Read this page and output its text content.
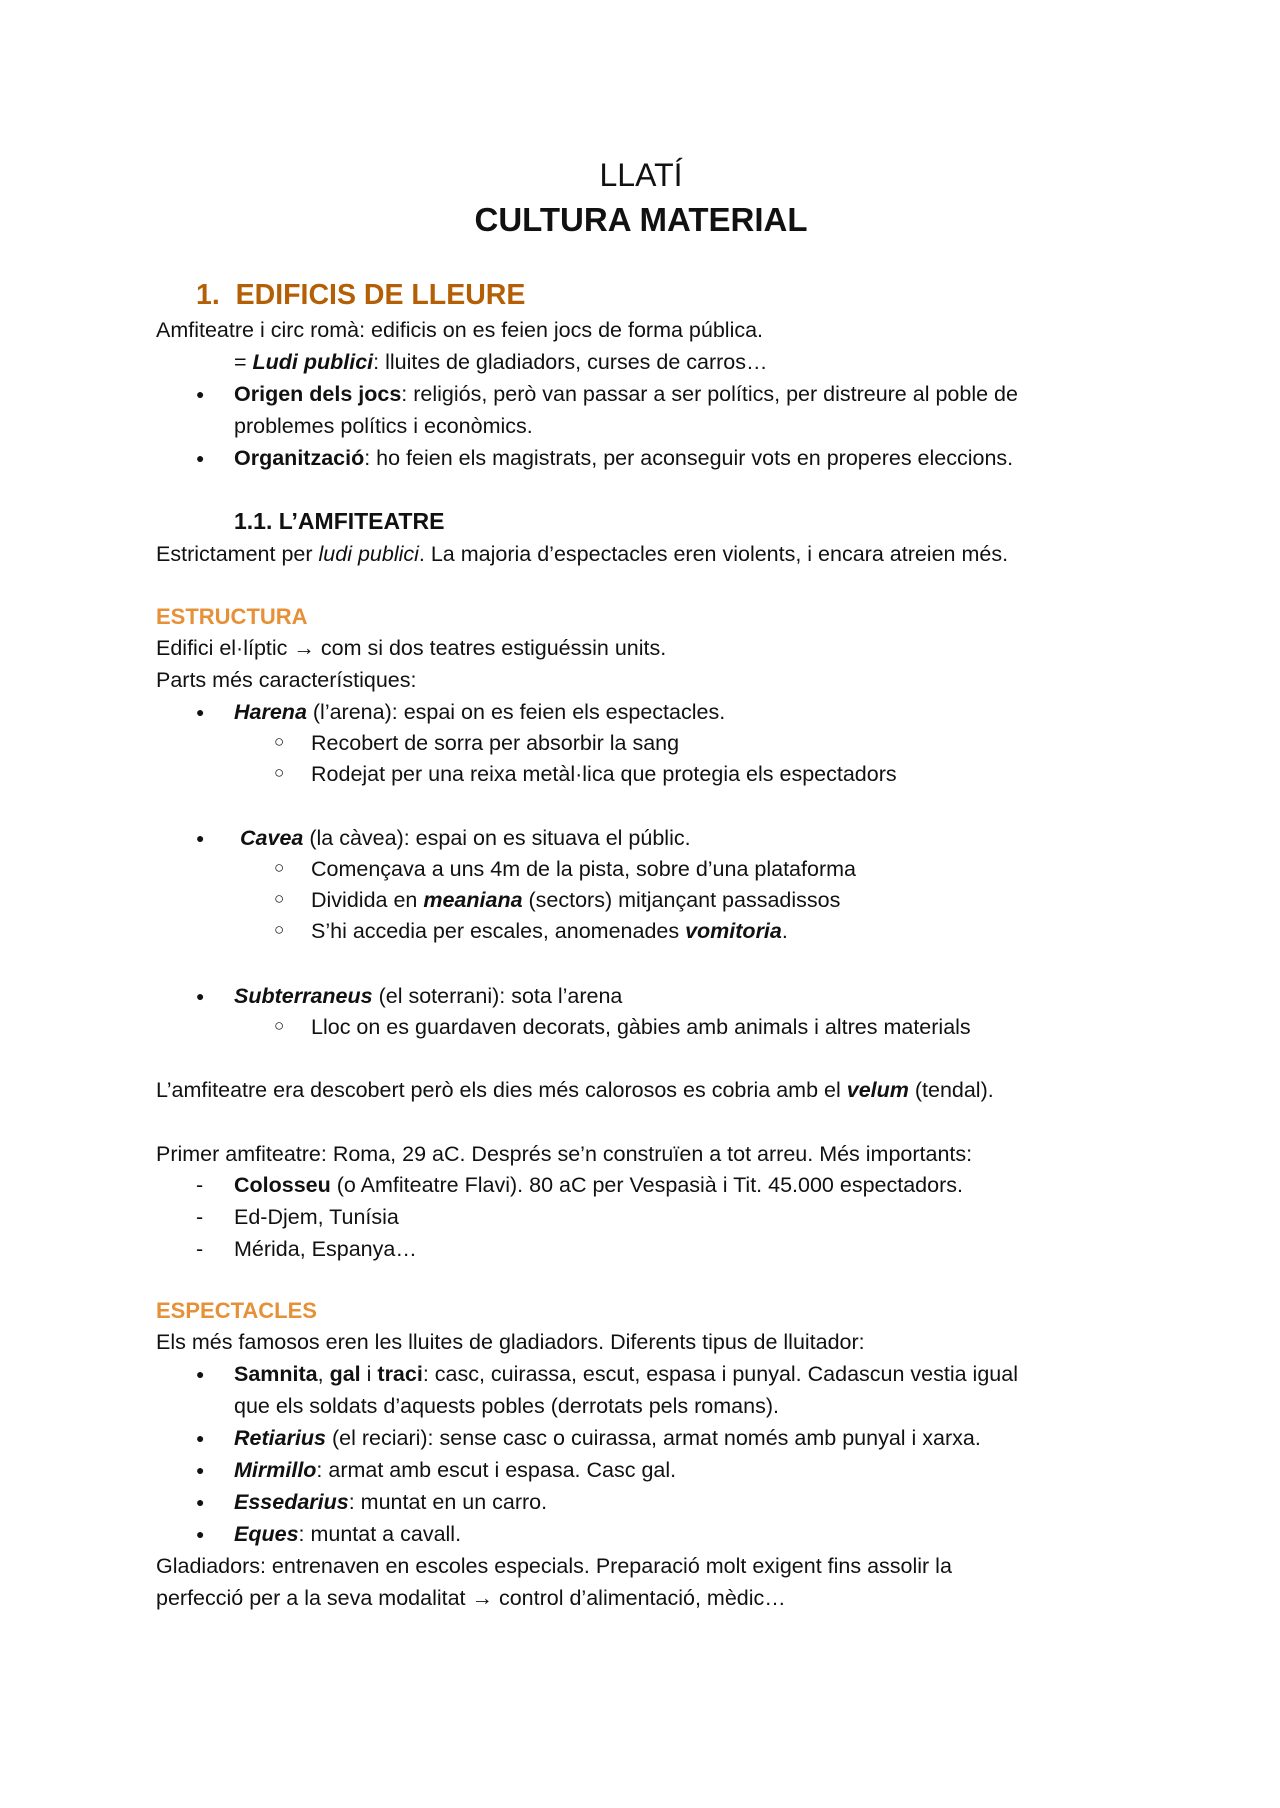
LLATÍ
CULTURA MATERIAL
1. EDIFICIS DE LLEURE
Amfiteatre i circ romà: edificis on es feien jocs de forma pública.
= Ludi publici: lluites de gladiadors, curses de carros…
● Origen dels jocs: religiós, però van passar a ser polítics, per distreure al poble de
problemes polítics i econòmics.
● Organització: ho feien els magistrats, per aconseguir vots en properes eleccions.
1.1. L’AMFITEATRE
Estrictament per ludi publici. La majoria d’espectacles eren violents, i encara atreien més.
ESTRUCTURA
Edifici el·líptic → com si dos teatres estiguéssin units.
Parts més característiques:
● Harena (l’arena): espai on es feien els espectacles.
○ Recobert de sorra per absorbir la sang
○ Rodejat per una reixa metàl·lica que protegia els espectadors
● Cavea (la càvea): espai on es situava el públic.
○ Començava a uns 4m de la pista, sobre d’una plataforma
○ Dividida en meaniana (sectors) mitjançant passadissos
○ S’hi accedia per escales, anomenades vomitoria.
● Subterraneus (el soterrani): sota l’arena
○ Lloc on es guardaven decorats, gàbies amb animals i altres materials
L’amfiteatre era descobert però els dies més calorosos es cobria amb el velum (tendal).
Primer amfiteatre: Roma, 29 aC. Després se’n construïen a tot arreu. Més importants:
- Colosseu (o Amfiteatre Flavi). 80 aC per Vespasià i Tit. 45.000 espectadors.
- Ed-Djem, Tunísia
- Mérida, Espanya…
ESPECTACLES
Els més famosos eren les lluites de gladiadors. Diferents tipus de lluitador:
● Samnita, gal i traci: casc, cuirassa, escut, espasa i punyal. Cadascun vestia igual
que els soldats d’aquests pobles (derrotats pels romans).
● Retiarius (el reciari): sense casc o cuirassa, armat només amb punyal i xarxa.
● Mirmillo: armat amb escut i espasa. Casc gal.
● Essedarius: muntat en un carro.
● Eques: muntat a cavall.
Gladiadors: entrenaven en escoles especials. Preparació molt exigent fins assolir la
perfecció per a la seva modalitat → control d’alimentació, mèdic…
